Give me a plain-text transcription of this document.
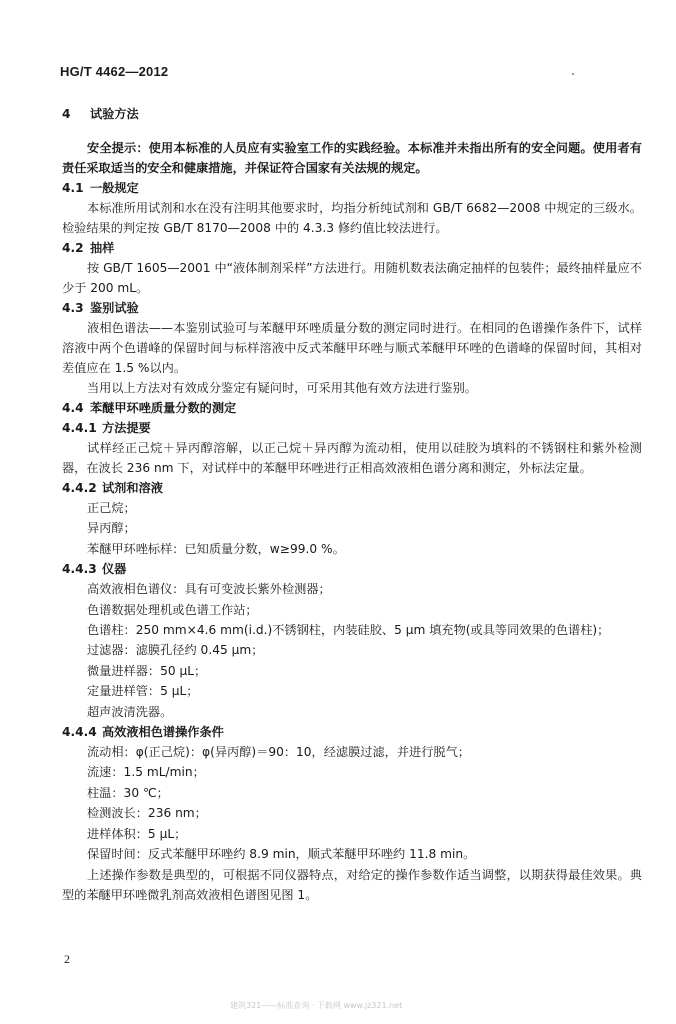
HG/T 4462—2012
4 试验方法

安全提示：使用本标准的人员应有实验室工作的实践经验。本标准并未指出所有的安全问题。使用者有责任采取适当的安全和健康措施，并保证符合国家有关法规的规定。

4.1 一般规定

本标准所用试剂和水在没有注明其他要求时，均指分析纯试剂和 GB/T 6682—2008 中规定的三级水。检验结果的判定按 GB/T 8170—2008 中的 4.3.3 修约值比较法进行。

4.2 抽样

按 GB/T 1605—2001 中“液体制剂采样”方法进行。用随机数表法确定抽样的包装件；最终抽样量应不少于 200 mL。

4.3 鉴别试验

液相色谱法——本鉴别试验可与苯醚甲环唑质量分数的测定同时进行。在相同的色谱操作条件下，试样溶液中两个色谱峰的保留时间与标样溶液中反式苯醚甲环唑与顺式苯醚甲环唑的色谱峰的保留时间，其相对差值应在 1.5 %以内。

当用以上方法对有效成分鉴定有疑问时，可采用其他有效方法进行鉴别。

4.4 苯醚甲环唑质量分数的测定
4.4.1 方法提要

试样经正己烷＋异丙醇溶解，以正己烷＋异丙醇为流动相，使用以硅胶为填料的不锈钢柱和紫外检测器，在波长 236 nm 下，对试样中的苯醚甲环唑进行正相高效液相色谱分离和测定，外标法定量。

4.4.2 试剂和溶液

正己烷；

异丙醇；

苯醚甲环唑标样：已知质量分数，w≥99.0 %。

4.4.3 仪器

高效液相色谱仪：具有可变波长紫外检测器；

色谱数据处理机或色谱工作站；

色谱柱：250 mm×4.6 mm(i.d.)不锈钢柱，内装硅胶、5 μm 填充物(或具等同效果的色谱柱)；

过滤器：滤膜孔径约 0.45 μm；

微量进样器：50 μL；

定量进样管：5 μL；

超声波清洗器。

4.4.4 高效液相色谱操作条件

流动相：φ(正己烷)：φ(异丙醇)＝90：10，经滤膜过滤，并进行脱气；

流速：1.5 mL/min；

柱温：30 ℃；

检测波长：236 nm；

进样体积：5 μL；

保留时间：反式苯醚甲环唑约 8.9 min，顺式苯醚甲环唑约 11.8 min。

上述操作参数是典型的，可根据不同仪器特点，对给定的操作参数作适当调整，以期获得最佳效果。典型的苯醚甲环唑微乳剂高效液相色谱图见图 1。

2
建筑321——标准查询 · 下载网 www.jz321.net
